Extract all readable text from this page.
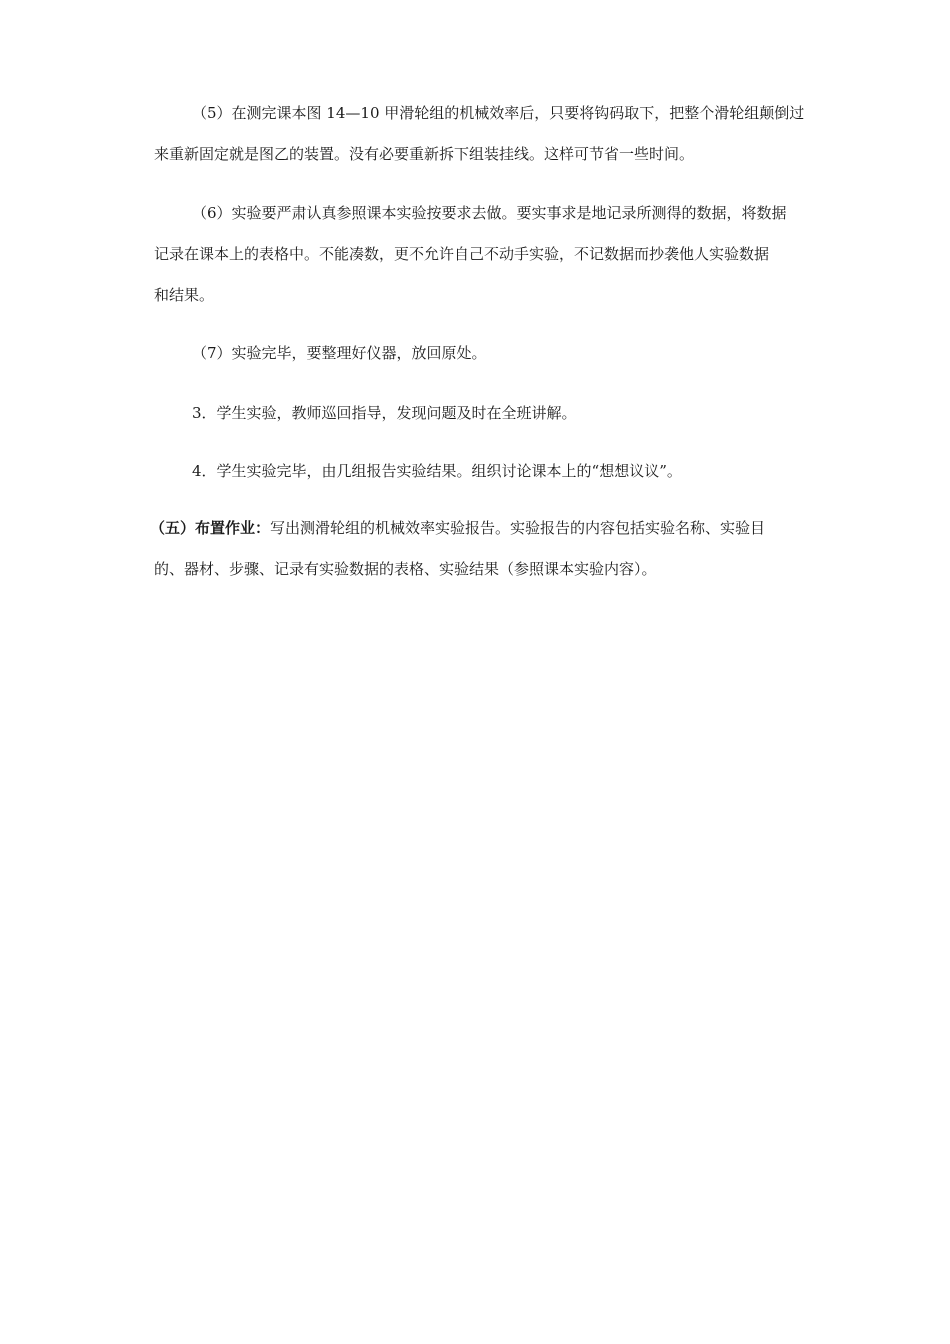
（5）在测完课本图 14—10 甲滑轮组的机械效率后，只要将钩码取下，把整个滑轮组颠倒过
来重新固定就是图乙的装置。没有必要重新拆下组装挂线。这样可节省一些时间。

（6）实验要严肃认真参照课本实验按要求去做。要实事求是地记录所测得的数据，将数据
记录在课本上的表格中。不能凑数，更不允许自己不动手实验，不记数据而抄袭他人实验数据
和结果。

（7）实验完毕，要整理好仪器，放回原处。

3．学生实验，教师巡回指导，发现问题及时在全班讲解。

4．学生实验完毕，由几组报告实验结果。组织讨论课本上的“想想议议”。

（五）布置作业：写出测滑轮组的机械效率实验报告。实验报告的内容包括实验名称、实验目
的、器材、步骤、记录有实验数据的表格、实验结果（参照课本实验内容）。
